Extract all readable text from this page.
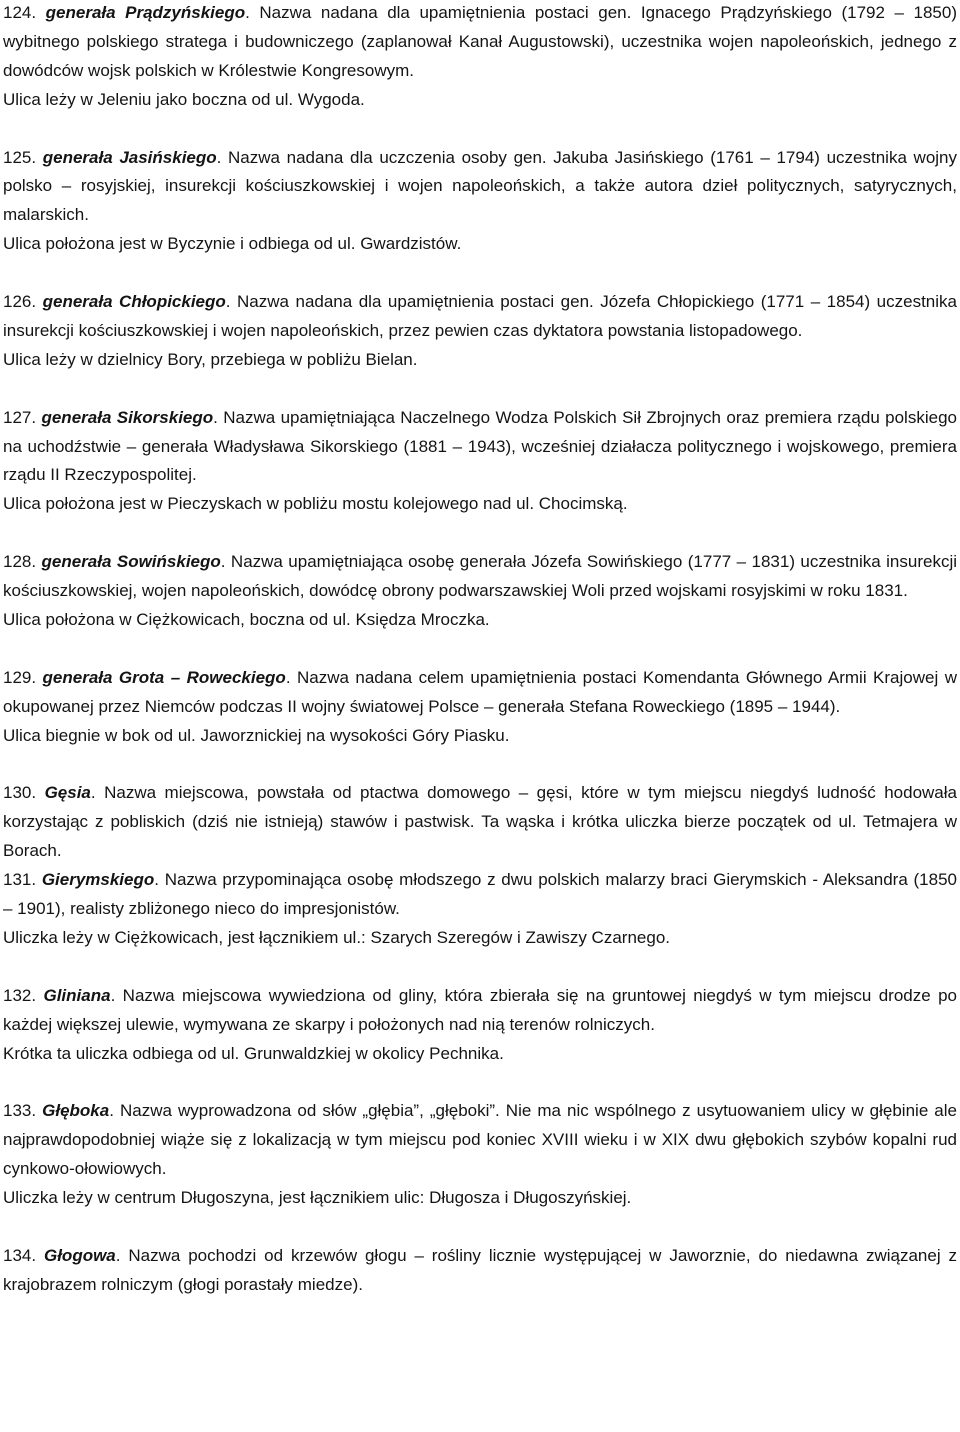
124. generała Prądzyńskiego. Nazwa nadana dla upamiętnienia postaci gen. Ignacego Prądzyńskiego (1792 – 1850) wybitnego polskiego stratega i budowniczego (zaplanował Kanał Augustowski), uczestnika wojen napoleońskich, jednego z dowódców wojsk polskich w Królestwie Kongresowym.

Ulica leży w Jeleniu jako boczna od ul. Wygoda.

125. generała Jasińskiego. Nazwa nadana dla uczczenia osoby gen. Jakuba Jasińskiego (1761 – 1794) uczestnika wojny polsko – rosyjskiej, insurekcji kościuszkowskiej i wojen napoleońskich, a także autora dzieł politycznych, satyrycznych, malarskich.

Ulica położona jest w Byczynie i odbiega od ul. Gwardzistów.

126. generała Chłopickiego. Nazwa nadana dla upamiętnienia postaci gen. Józefa Chłopickiego (1771 – 1854) uczestnika insurekcji kościuszkowskiej i wojen napoleońskich, przez pewien czas dyktatora powstania listopadowego.

Ulica leży w dzielnicy Bory, przebiega w pobliżu Bielan.

127. generała Sikorskiego. Nazwa upamiętniająca Naczelnego Wodza Polskich Sił Zbrojnych oraz premiera rządu polskiego na uchodźstwie – generała Władysława Sikorskiego (1881 – 1943), wcześniej działacza politycznego i wojskowego, premiera rządu II Rzeczypospolitej.

Ulica położona jest w Pieczyskach w pobliżu mostu kolejowego nad ul. Chocimską.

128. generała Sowińskiego. Nazwa upamiętniająca osobę generała Józefa Sowińskiego (1777 – 1831) uczestnika insurekcji kościuszkowskiej, wojen napoleońskich, dowódcę obrony podwarszawskiej Woli przed wojskami rosyjskimi w roku 1831.

Ulica położona w Ciężkowicach, boczna od ul. Księdza Mroczka.

129. generała Grota – Roweckiego. Nazwa nadana celem upamiętnienia postaci Komendanta Głównego Armii Krajowej w okupowanej przez Niemców podczas II wojny światowej Polsce – generała Stefana Roweckiego (1895 – 1944).

Ulica biegnie w bok od ul. Jaworznickiej na wysokości Góry Piasku.

130. Gęsia. Nazwa miejscowa, powstała od ptactwa domowego – gęsi, które w tym miejscu niegdyś ludność hodowała korzystając z pobliskich (dziś nie istnieją) stawów i pastwisk. Ta wąska i krótka uliczka bierze początek od ul. Tetmajera w Borach.

131. Gierymskiego. Nazwa przypominająca osobę młodszego z dwu polskich malarzy braci Gierymskich - Aleksandra (1850 – 1901), realisty zbliżonego nieco do impresjonistów.

Uliczka leży w Ciężkowicach, jest łącznikiem ul.: Szarych Szeregów i Zawiszy Czarnego.

132. Gliniana. Nazwa miejscowa wywiedziona od gliny, która zbierała się na gruntowej niegdyś w tym miejscu drodze po każdej większej ulewie, wymywana ze skarpy i położonych nad nią terenów rolniczych.

Krótka ta uliczka odbiega od ul. Grunwaldzkiej w okolicy Pechnika.

133. Głęboka. Nazwa wyprowadzona od słów „głębia”, „głęboki”. Nie ma nic wspólnego z usytuowaniem ulicy w głębinie ale najprawdopodobniej wiąże się z lokalizacją w tym miejscu pod koniec XVIII wieku i w XIX dwu głębokich szybów kopalni rud cynkowo-ołowiowych.

Uliczka leży w centrum Długoszyna, jest łącznikiem ulic: Długosza i Długoszyńskiej.

134. Głogowa. Nazwa pochodzi od krzewów głogu – rośliny licznie występującej w Jaworznie, do niedawna związanej z krajobrazem rolniczym (głogi porastały miedze).
